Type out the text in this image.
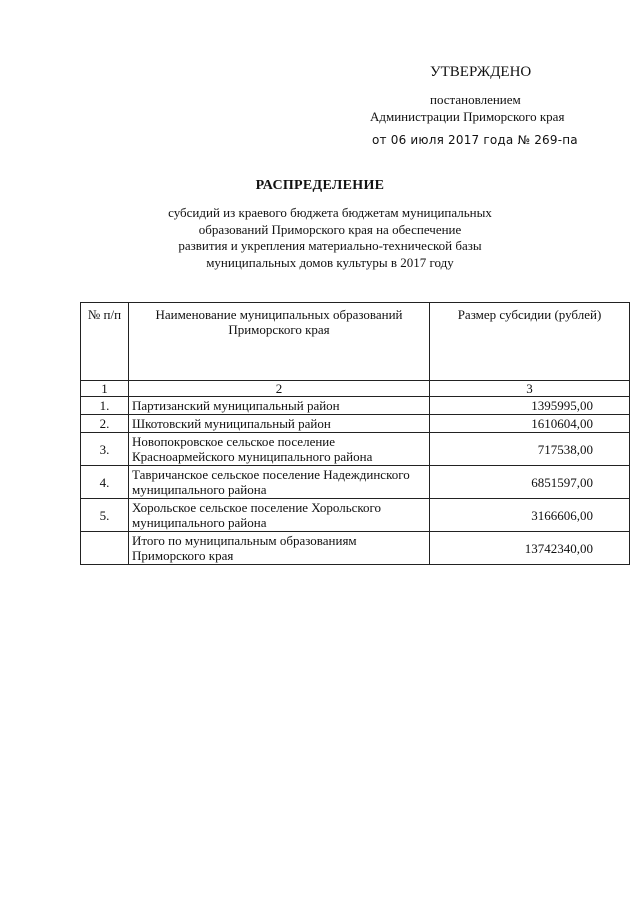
УТВЕРЖДЕНО
постановлением
Администрации Приморского края
от 06 июля 2017 года № 269-па
РАСПРЕДЕЛЕНИЕ
субсидий из краевого бюджета бюджетам муниципальных
образований Приморского края на обеспечение
развития и укрепления материально-технической базы
муниципальных домов культуры в 2017 году
№ п/п	Наименование муниципальных образований Приморского края	Размер субсидии (рублей)
1	2	3
1.	Партизанский муниципальный район	1395995,00
2.	Шкотовский муниципальный район	1610604,00
3.	Новопокровское сельское поселение Красноармейского муниципального района	717538,00
4.	Тавричанское сельское поселение Надеждинского муниципального района	6851597,00
5.	Хорольское сельское поселение Хорольского муниципального района	3166606,00
	Итого по муниципальным образованиям Приморского края	13742340,00
